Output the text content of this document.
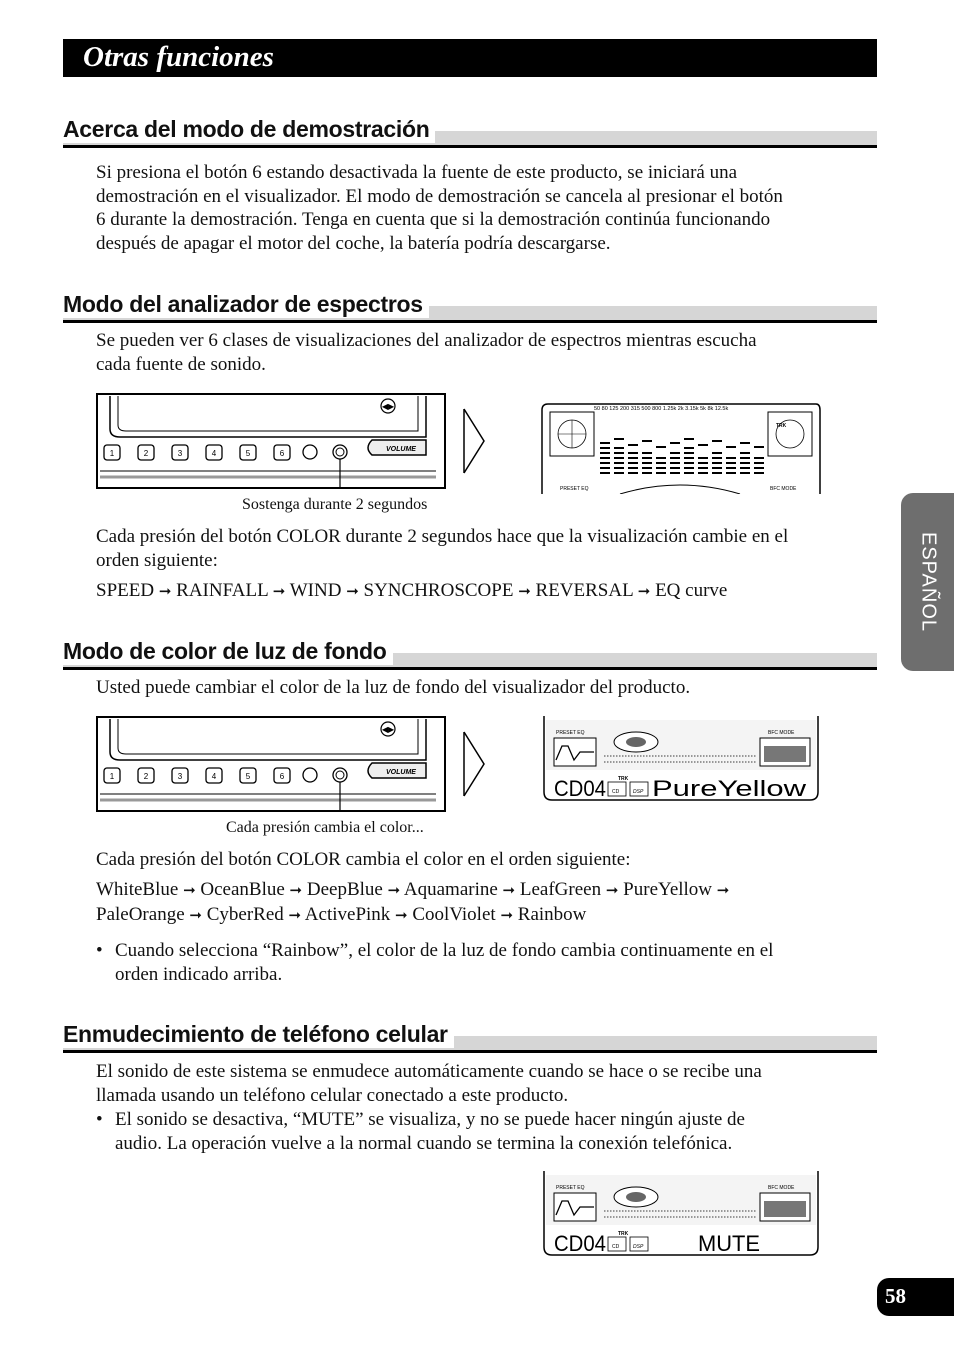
Otras funciones
Acerca del modo de demostración
Si presiona el botón 6 estando desactivada la fuente de este producto, se iniciará una
demostración en el visualizador. El modo de demostración se cancela al presionar el botón
6 durante la demostración. Tenga en cuenta que si la demostración continúa funcionando
después de apagar el motor del coche, la batería podría descargarse.
Modo del analizador de espectros
Se pueden ver 6 clases de visualizaciones del analizador de espectros mientras escucha
cada fuente de sonido.
◀▶
VOLUME
1	2	3	4	5	6
50 80 125 200 315 500 800 1.25k 2k 3.15k 5k 8k 12.5k
TRK
PRESET EQ	BFC MODE
Sostenga durante 2 segundos
Cada presión del botón COLOR durante 2 segundos hace que la visualización cambie en el
orden siguiente:
SPEED ➞ RAINFALL ➞ WIND ➞ SYNCHROSCOPE ➞ REVERSAL ➞ EQ curve
Modo de color de luz de fondo
Usted puede cambiar el color de la luz de fondo del visualizador del producto.
◀▶
VOLUME
1	2	3	4	5	6
PRESET EQ	BFC MODE
TRK
CD04 CD	DSP PureYellow
Cada presión cambia el color...
Cada presión del botón COLOR cambia el color en el orden siguiente:
WhiteBlue ➞ OceanBlue ➞ DeepBlue ➞ Aquamarine ➞ LeafGreen ➞ PureYellow ➞
PaleOrange ➞ CyberRed ➞ ActivePink ➞ CoolViolet ➞ Rainbow
• Cuando selecciona “Rainbow”, el color de la luz de fondo cambia continuamente en el
orden indicado arriba.
Enmudecimiento de teléfono celular
El sonido de este sistema se enmudece automáticamente cuando se hace o se recibe una
llamada usando un teléfono celular conectado a este producto.
• El sonido se desactiva, “MUTE” se visualiza, y no se puede hacer ningún ajuste de
audio. La operación vuelve a la normal cuando se termina la conexión telefónica.
PRESET EQ	BFC MODE
TRK
CD04 CD	DSP MUTE
ESPAÑOL
58
